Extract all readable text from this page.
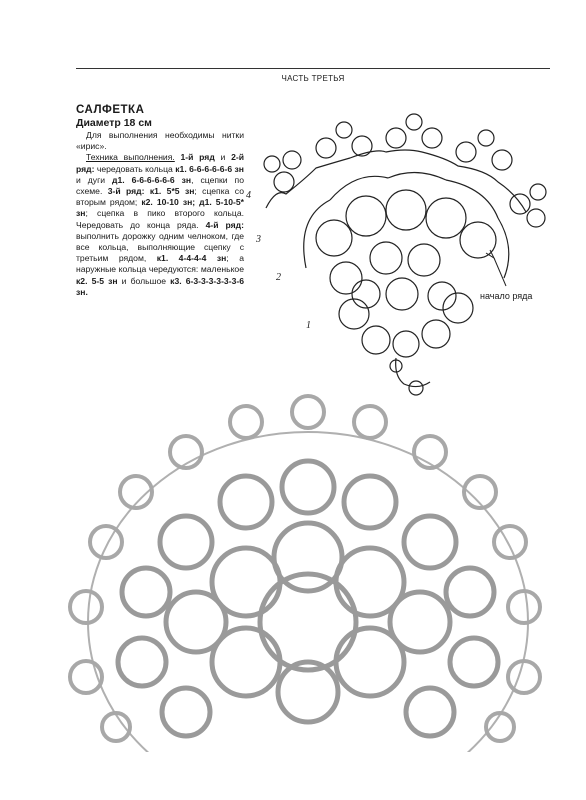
ЧАСТЬ ТРЕТЬЯ
САЛФЕТКА
Диаметр 18 см

Для выполнения необходимы нитки «ирис».

Техника выполнения. 1-й ряд и 2-й ряд: чередовать кольца к1. 6-6-6-6-6-6 зн и дуги д1. 6-6-6-6-6-6 зн, сцепки по схеме. 3-й ряд: к1. 5*5 зн; сцепка со вторым рядом; к2. 10-10 зн; д1. 5-10-5* зн; сцепка в пико второго кольца. Чередовать до конца ряда. 4-й ряд: выполнить дорожку одним челноком, где все кольца, выполняющие сцепку с третьим рядом, к1. 4-4-4-4 зн; а наружные кольца чередуются: маленькое к2. 5-5 зн и большое к3. 6-3-3-3-3-3-3-6 зн.

4
3
2
1
начало ряда
